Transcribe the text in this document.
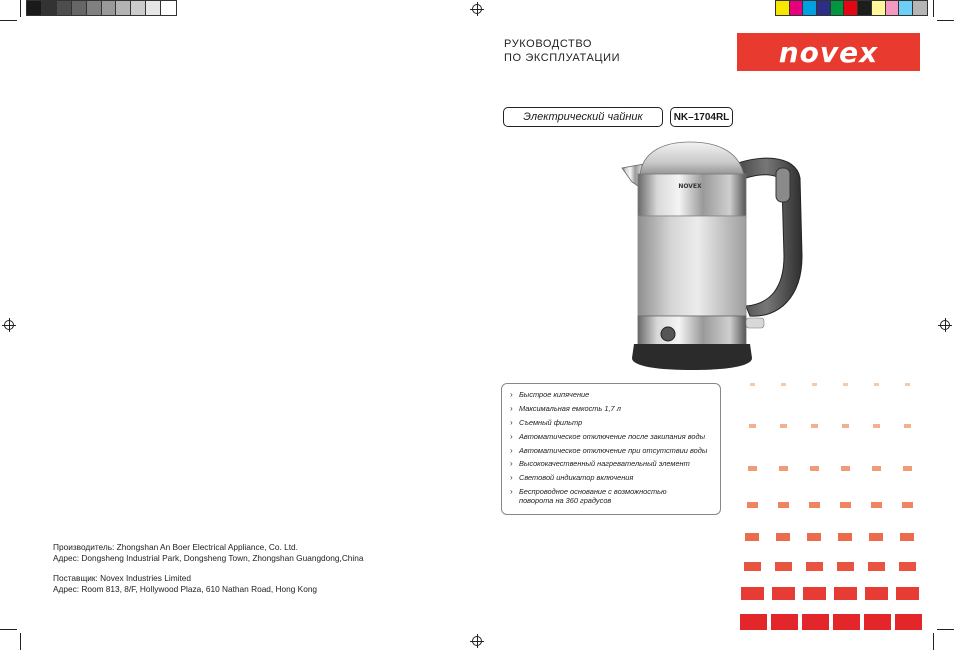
РУКОВОДСТВО
ПО ЭКСПЛУАТАЦИИ	novex
Электрический чайник	NK–1704RL
NOVEX
› Быстрое кипячение
› Максимальная емкость 1,7 л
› Съемный фильтр
› Автоматическое отключение после закипания воды
› Автоматическое отключение при отсутствии воды
› Высококачественный нагревательный элемент
› Световой индикатор включения
› Беспроводное основание с возможностью
поворота на 360 градусов
Производитель: Zhongshan An Boer Electrical Appliance, Co. Ltd.
Адрес: Dongsheng Industrial Park, Dongsheng Town, Zhongshan Guangdong,China
Поставщик: Novex Industries Limited
Адрес: Room 813, 8/F, Hollywood Plaza, 610 Nathan Road, Hong Kong
